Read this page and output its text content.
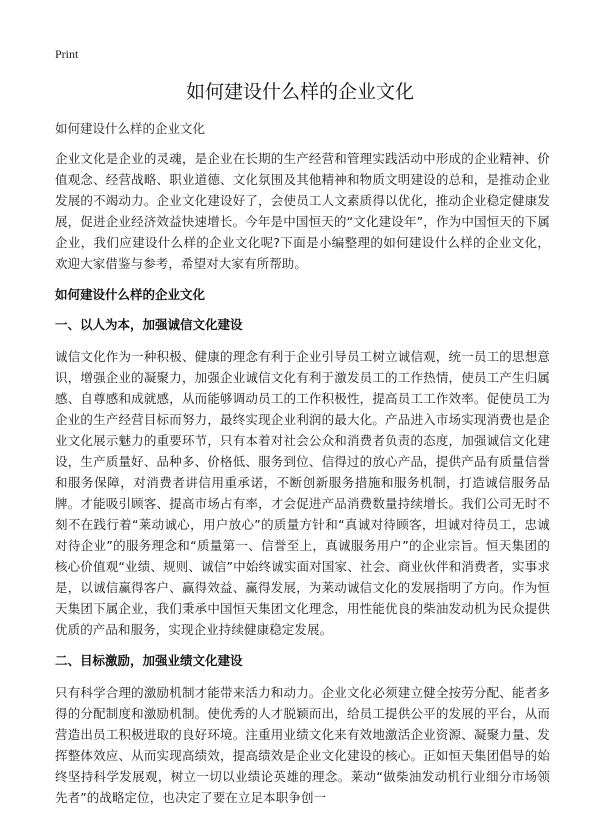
Print
如何建设什么样的企业文化

如何建设什么样的企业文化

企业文化是企业的灵魂，是企业在长期的生产经营和管理实践活动中形成的企业精神、价值观念、经营战略、职业道德、文化氛围及其他精神和物质文明建设的总和，是推动企业发展的不竭动力。企业文化建设好了，会使员工人文素质得以优化，推动企业稳定健康发展，促进企业经济效益快速增长。今年是中国恒天的“文化建设年”，作为中国恒天的下属企业，我们应建设什么样的企业文化呢?下面是小编整理的如何建设什么样的企业文化，欢迎大家借鉴与参考，希望对大家有所帮助。

如何建设什么样的企业文化

一、以人为本，加强诚信文化建设

诚信文化作为一种积极、健康的理念有利于企业引导员工树立诚信观，统一员工的思想意识，增强企业的凝聚力，加强企业诚信文化有利于激发员工的工作热情，使员工产生归属感、自尊感和成就感，从而能够调动员工的工作积极性，提高员工工作效率。促使员工为企业的生产经营目标而努力，最终实现企业利润的最大化。产品进入市场实现消费也是企业文化展示魅力的重要环节，只有本着对社会公众和消费者负责的态度，加强诚信文化建设，生产质量好、品种多、价格低、服务到位、信得过的放心产品，提供产品有质量信誉和服务保障，对消费者讲信用重承诺，不断创新服务措施和服务机制，打造诚信服务品牌。才能吸引顾客、提高市场占有率，才会促进产品消费数量持续增长。我们公司无时不刻不在践行着“莱动诚心，用户放心”的质量方针和“真诚对待顾客，坦诚对待员工，忠诚对待企业”的服务理念和“质量第一、信誉至上，真诚服务用户”的企业宗旨。恒天集团的核心价值观“业绩、规则、诚信”中始终诚实面对国家、社会、商业伙伴和消费者，实事求是，以诚信赢得客户、赢得效益、赢得发展，为莱动诚信文化的发展指明了方向。作为恒天集团下属企业，我们秉承中国恒天集团文化理念，用性能优良的柴油发动机为民众提供优质的产品和服务，实现企业持续健康稳定发展。

二、目标激励，加强业绩文化建设

只有科学合理的激励机制才能带来活力和动力。企业文化必须建立健全按劳分配、能者多得的分配制度和激励机制。使优秀的人才脱颖而出，给员工提供公平的发展的平台，从而营造出员工积极进取的良好环境。注重用业绩文化来有效地激活企业资源、凝聚力量、发挥整体效应、从而实现高绩效，提高绩效是企业文化建设的核心。正如恒天集团倡导的始终坚持科学发展观，树立一切以业绩论英雄的理念。莱动“做柴油发动机行业细分市场领先者”的战略定位，也决定了要在立足本职争创一
